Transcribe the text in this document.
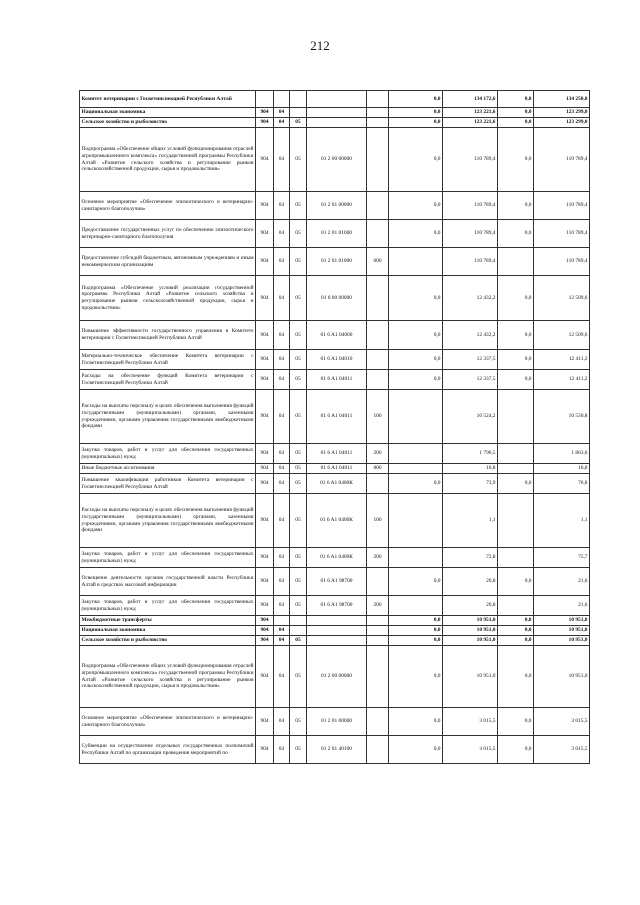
212
Комитет ветеринарии с Госветинспекцией Республики Алтай						0,0	134 172,6	0,0	134 250,0
Национальная экономика	904	04				0,0	123 221,6	0,0	123 299,0
Сельское хозяйство и рыболовство	904	04	05			0,0	123 221,6	0,0	123 299,0
Подпрограмма «Обеспечение общих условий функционирования отраслей агропромышленного комплекса» государственной программы Республики Алтай «Развитие сельского хозяйства и регулирование рынков сельскохозяйственной продукции, сырья и продовольствия»	904	04	05	01 2 00 00000		0,0	110 789,4	0,0	110 789,4
Основное мероприятие «Обеспечение эпизоотического и ветеринарно-санитарного благополучия»	904	04	05	01 2 01 00000		0,0	110 789,4	0,0	110 789,4
Предоставление государственных услуг по обеспечению эпизоотического ветеринарно-санитарного благополучия	904	04	05	01 2 01 01000		0,0	110 789,4	0,0	110 789,4
Предоставление субсидий бюджетным, автономным учреждениям и иным некоммерческим организациям	904	04	05	01 2 01 01000	600		110 789,4		110 789,4
Подпрограмма «Обеспечение условий реализации государственной программы Республики Алтай «Развитие сельского хозяйства и регулирование рынков сельскохозяйственной продукции, сырья и продовольствия»	904	04	05	01 6 00 00000		0,0	12 432,2	0,0	12 509,6
Повышение эффективности государственного управления в Комитете ветеринарии с Госветинспекцией Республики Алтай	904	04	05	01 6 A1 04000		0,0	12 432,2	0,0	12 509,6
Материально-техническое обеспечение Комитета ветеринарии с Госветинспекцией Республики Алтай	904	04	05	01 6 A1 04010		0,0	12 337,5	0,0	12 411,2
Расходы на обеспечение функций Комитета ветеринарии с Госветинспекцией Республики Алтай	904	04	05	01 6 A1 04011		0,0	12 337,5	0,0	12 411,2
Расходы на выплаты персоналу в целях обеспечения выполнения функций государственными (муниципальными) органами, казенными учреждениями, органами управления государственными внебюджетными фондами	904	04	05	01 6 A1 04011	100		10 524,2		10 530,8
Закупка товаров, работ и услуг для обеспечения государственных (муниципальных) нужд	904	04	05	01 6 A1 04011	200		1 796,5		1 863,6
Иные бюджетные ассигнования	904	04	05	01 6 A1 04011	800		16,8		16,8
Повышение квалификации работников Комитета ветеринарии с Госветинспекцией Республики Алтай	904	04	05	01 6 A1 0400К		0,0	73,9	0,0	76,8
Расходы на выплаты персоналу в целях обеспечения выполнения функций государственными (муниципальными) органами, казенными учреждениями, органами управления государственными внебюджетными фондами	904	04	05	01 6 A1 0400К	100		1,1		1,1
Закупка товаров, работ и услуг для обеспечения государственных (муниципальных) нужд	904	04	05	01 6 A1 0400К	200		72,8		75,7
Освещение деятельности органов государственной власти Республики Алтай в средствах массовой информации	904	04	05	01 6 A1 98700		0,0	20,8	0,0	21,6
Закупка товаров, работ и услуг для обеспечения государственных (муниципальных) нужд	904	04	05	01 6 A1 98700	200		20,8		21,6
Межбюджетные трансферты	904					0,0	10 951,0	0,0	10 951,0
Национальная экономика	904	04				0,0	10 951,0	0,0	10 951,0
Сельское хозяйство и рыболовство	904	04	05			0,0	10 951,0	0,0	10 951,0
Подпрограмма «Обеспечение общих условий функционирования отраслей агропромышленного комплекса» государственной программы Республики Алтай «Развитие сельского хозяйства и регулирование рынков сельскохозяйственной продукции, сырья и продовольствия»	904	04	05	01 2 00 00000		0,0	10 951,0	0,0	10 951,0
Основное мероприятие «Обеспечение эпизоотического и ветеринарно-санитарного благополучия»	904	04	05	01 2 01 00000		0,0	3 015,5	0,0	3 015,5
Субвенции на осуществление отдельных государственных полномочий Республики Алтай по организации проведения мероприятий по	904	04	05	01 2 01 40100		0,0	3 015,5	0,0	3 015,5
